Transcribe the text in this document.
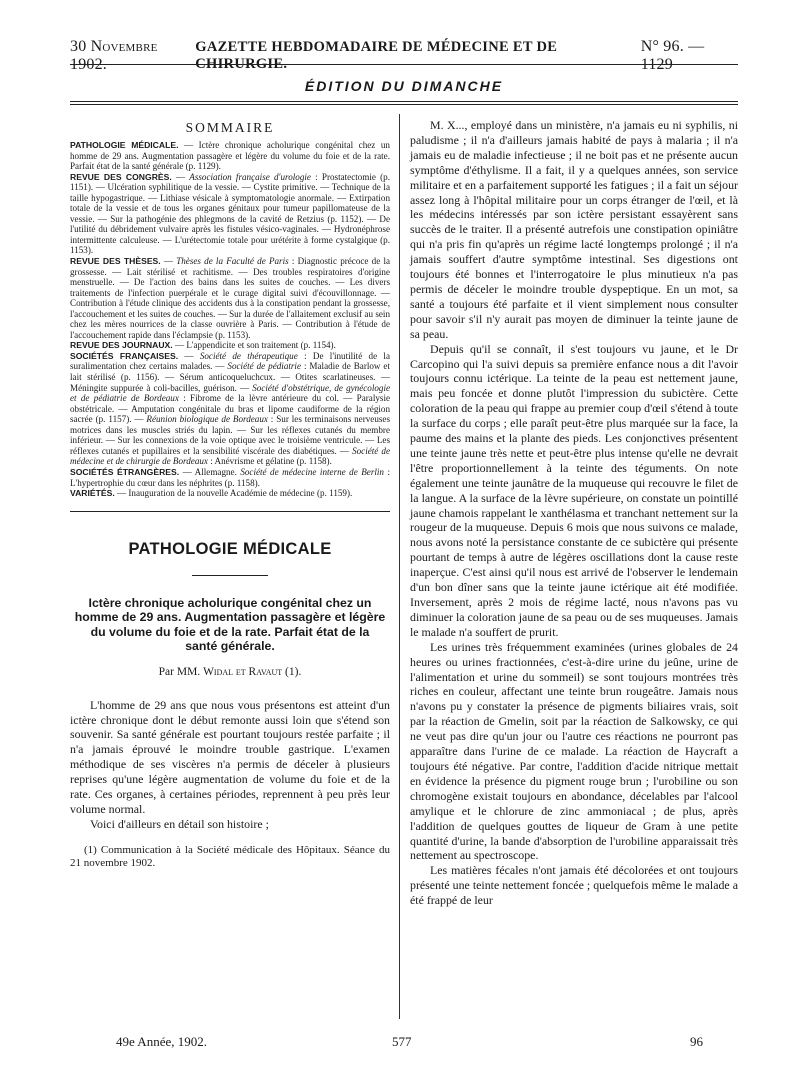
30 Novembre 1902.
GAZETTE HEBDOMADAIRE DE MÉDECINE ET DE CHIRURGIE.
N° 96. — 1129
ÉDITION DU DIMANCHE
SOMMAIRE

PATHOLOGIE MÉDICALE. — Ictère chronique acholurique congénital chez un homme de 29 ans. Augmentation passagère et légère du volume du foie et de la rate. Parfait état de la santé générale (p. 1129).

REVUE DES CONGRÈS. — Association française d'urologie : Prostatectomie (p. 1151). — Ulcération syphilitique de la vessie. — Cystite primitive. — Technique de la taille hypogastrique. — Lithiase vésicale à symptomatologie anormale. — Extirpation totale de la vessie et de tous les organes génitaux pour tumeur papillomateuse de la vessie. — Sur la pathogénie des phlegmons de la cavité de Retzius (p. 1152). — De l'utilité du débridement vulvaire après les fistules vésico-vaginales. — Hydronéphrose intermittente calculeuse. — L'urétectomie totale pour urétérite à forme cystalgique (p. 1153).

REVUE DES THÈSES. — Thèses de la Faculté de Paris : Diagnostic précoce de la grossesse. — Lait stérilisé et rachitisme. — Des troubles respiratoires d'origine menstruelle. — De l'action des bains dans les suites de couches. — Les divers traitements de l'infection puerpérale et le curage digital suivi d'écouvillonnage. — Contribution à l'étude clinique des accidents dus à la constipation pendant la grossesse, l'accouchement et les suites de couches. — Sur la durée de l'allaitement exclusif au sein chez les mères nourrices de la classe ouvrière à Paris. — Contribution à l'étude de l'accouchement rapide dans l'éclampsie (p. 1153).

REVUE DES JOURNAUX. — L'appendicite et son traitement (p. 1154).

SOCIÉTÉS FRANÇAISES. — Société de thérapeutique : De l'inutilité de la suralimentation chez certains malades. — Société de pédiatrie : Maladie de Barlow et lait stérilisé (p. 1156). — Sérum anticoqueluchcux. — Otites scarlatineuses. — Méningite suppurée à coli-bacilles, guérison. — Société d'obstétrique, de gynécologie et de pédiatrie de Bordeaux : Fibrome de la lèvre antérieure du col. — Paralysie obstétricale. — Amputation congénitale du bras et lipome caudiforme de la région sacrée (p. 1157). — Réunion biologique de Bordeaux : Sur les terminaisons nerveuses motrices dans les muscles striés du lapin. — Sur les réflexes cutanés du membre inférieur. — Sur les connexions de la voie optique avec le troisième ventricule. — Les réflexes cutanés et pupillaires et la sensibilité viscérale des diabétiques. — Société de médecine et de chirurgie de Bordeaux : Anévrisme et gélatine (p. 1158).

SOCIÉTÉS ÉTRANGÈRES. — Allemagne. Société de médecine interne de Berlin : L'hypertrophie du cœur dans les néphrites (p. 1158).

VARIÉTÉS. — Inauguration de la nouvelle Académie de médecine (p. 1159).

PATHOLOGIE MÉDICALE
Ictère chronique acholurique congénital chez un homme de 29 ans. Augmentation passagère et légère du volume du foie et de la rate. Parfait état de la santé générale.
Par MM. Widal et Ravaut (1).

L'homme de 29 ans que nous vous présentons est atteint d'un ictère chronique dont le début remonte aussi loin que s'étend son souvenir. Sa santé générale est pourtant toujours restée parfaite ; il n'a jamais éprouvé le moindre trouble gastrique. L'examen méthodique de ses viscères n'a permis de déceler à plusieurs reprises qu'une légère augmentation de volume du foie et de la rate. Ces organes, à certaines périodes, reprennent à peu près leur volume normal.

Voici d'ailleurs en détail son histoire ;

(1) Communication à la Société médicale des Hôpitaux. Séance du 21 novembre 1902.

M. X..., employé dans un ministère, n'a jamais eu ni syphilis, ni paludisme ; il n'a d'ailleurs jamais habité de pays à malaria ; il n'a jamais eu de maladie infectieuse ; il ne boit pas et ne présente aucun symptôme d'éthylisme. Il a fait, il y a quelques années, son service militaire et en a parfaitement supporté les fatigues ; il a fait un séjour assez long à l'hôpital militaire pour un corps étranger de l'œil, et là les médecins intéressés par son ictère persistant essayèrent sans succès de le traiter. Il a présenté autrefois une constipation opiniâtre qui n'a pris fin qu'après un régime lacté longtemps prolongé ; il n'a jamais souffert d'autre symptôme intestinal. Ses digestions ont toujours été bonnes et l'interrogatoire le plus minutieux n'a pas permis de déceler le moindre trouble dyspeptique. En un mot, sa santé a toujours été parfaite et il vient simplement nous consulter pour savoir s'il n'y aurait pas moyen de diminuer la teinte jaune de sa peau.

Depuis qu'il se connaît, il s'est toujours vu jaune, et le Dr Carcopino qui l'a suivi depuis sa première enfance nous a dit l'avoir toujours connu ictérique. La teinte de la peau est nettement jaune, mais peu foncée et donne plutôt l'impression du subictère. Cette coloration de la peau qui frappe au premier coup d'œil s'étend à toute la surface du corps ; elle paraît peut-être plus marquée sur la face, la paume des mains et la plante des pieds. Les conjonctives présentent une teinte jaune très nette et peut-être plus intense qu'elle ne devrait l'être proportionnellement à la teinte des téguments. On note également une teinte jaunâtre de la muqueuse qui recouvre le filet de la langue. A la surface de la lèvre supérieure, on constate un pointillé jaune chamois rappelant le xanthélasma et tranchant nettement sur la rougeur de la muqueuse. Depuis 6 mois que nous suivons ce malade, nous avons noté la persistance constante de ce subictère qui présente pourtant de temps à autre de légères oscillations dont la cause reste inaperçue. C'est ainsi qu'il nous est arrivé de l'observer le lendemain d'un bon dîner sans que la teinte jaune ictérique ait été modifiée. Inversement, après 2 mois de régime lacté, nous n'avons pas vu diminuer la coloration jaune de sa peau ou de ses muqueuses. Jamais le malade n'a souffert de prurit.

Les urines très fréquemment examinées (urines globales de 24 heures ou urines fractionnées, c'est-à-dire urine du jeûne, urine de l'alimentation et urine du sommeil) se sont toujours montrées très riches en couleur, affectant une teinte brun rougeâtre. Jamais nous n'avons pu y constater la présence de pigments biliaires vrais, soit par la réaction de Gmelin, soit par la réaction de Salkowsky, ce qui ne veut pas dire qu'un jour ou l'autre ces réactions ne pourront pas apparaître dans l'urine de ce malade. La réaction de Haycraft a toujours été négative. Par contre, l'addition d'acide nitrique mettait en évidence la présence du pigment rouge brun ; l'urobiline ou son chromogène existait toujours en abondance, décelables par l'alcool amylique et le chlorure de zinc ammoniacal ; de plus, après l'addition de quelques gouttes de liqueur de Gram à une petite quantité d'urine, la bande d'absorption de l'urobiline apparaissait très nettement au spectroscope.

Les matières fécales n'ont jamais été décolorées et ont toujours présenté une teinte nettement foncée ; quelquefois même le malade a été frappé de leur

49e Année, 1902.	577	96
